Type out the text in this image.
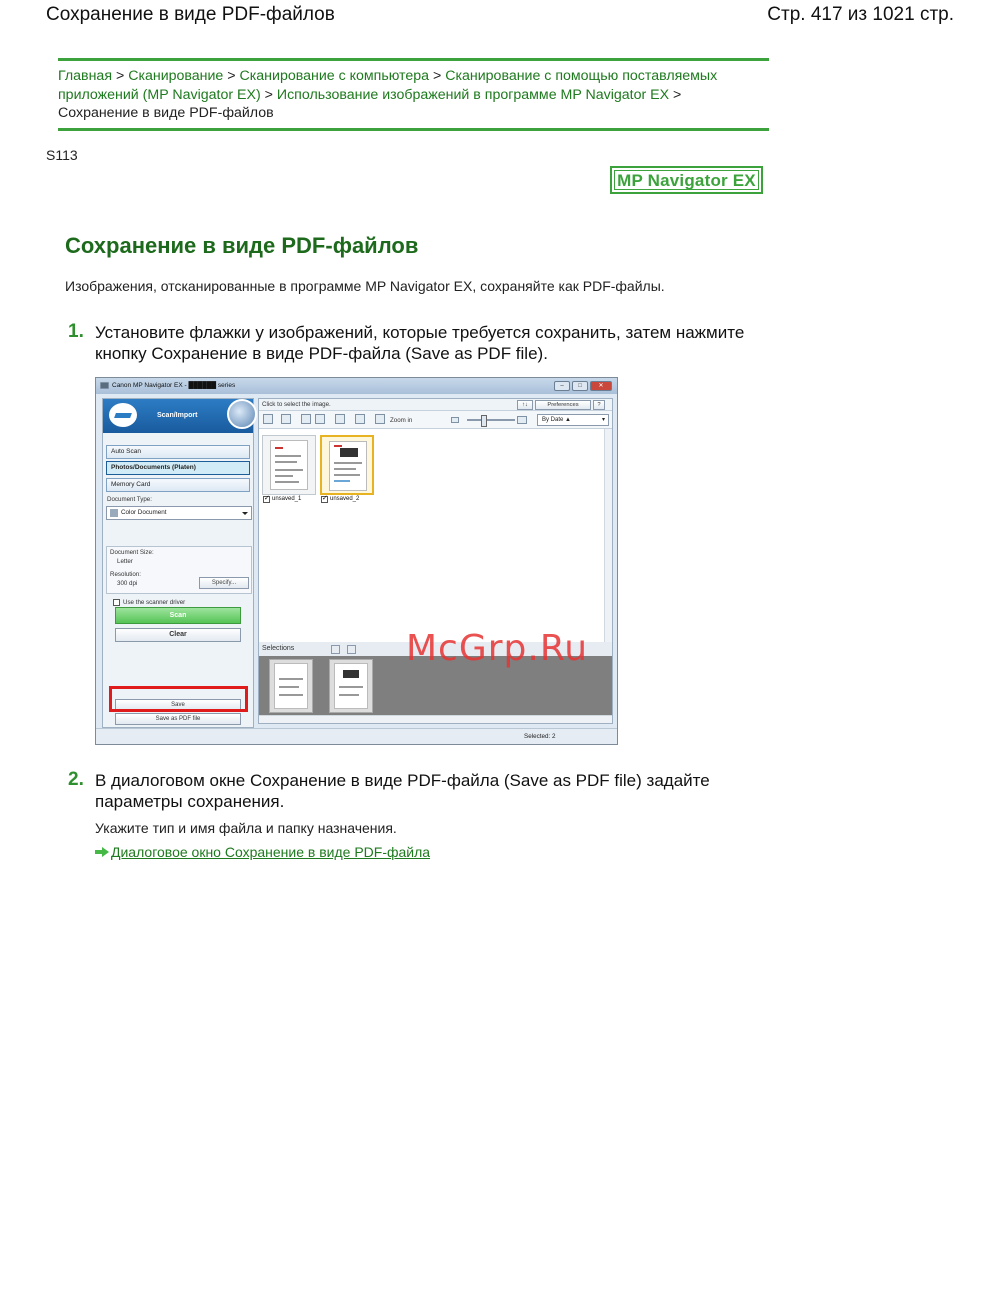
Сохранение в виде PDF-файлов	Стр. 417 из 1021 стр.
Главная > Сканирование > Сканирование с компьютера > Сканирование с помощью поставляемых приложений (MP Navigator EX) > Использование изображений в программе MP Navigator EX >
Сохранение в виде PDF-файлов
S113
MP Navigator EX
Сохранение в виде PDF-файлов
Изображения, отсканированные в программе MP Navigator EX, сохраняйте как PDF-файлы.
1. Установите флажки у изображений, которые требуется сохранить, затем нажмите кнопку Сохранение в виде PDF-файла (Save as PDF file).
Canon MP Navigator EX - ██████ series	–	□	✕
Scan/Import
Auto Scan
Photos/Documents (Platen)
Memory Card
Document Type:
Color Document
Document Size:
Letter
Resolution:
300 dpi	Specify...
Use the scanner driver
Scan
Clear
Save
Save as PDF file
Click to select the image.	↑↓	Preferences	?
Zoom in	By Date ▲	▾
✓
unsaved_1
✓	unsaved_2
Selections
Selected: 2
McGrp.Ru
2. В диалоговом окне Сохранение в виде PDF-файла (Save as PDF file) задайте параметры сохранения.
Укажите тип и имя файла и папку назначения.
Диалоговое окно Сохранение в виде PDF-файла
